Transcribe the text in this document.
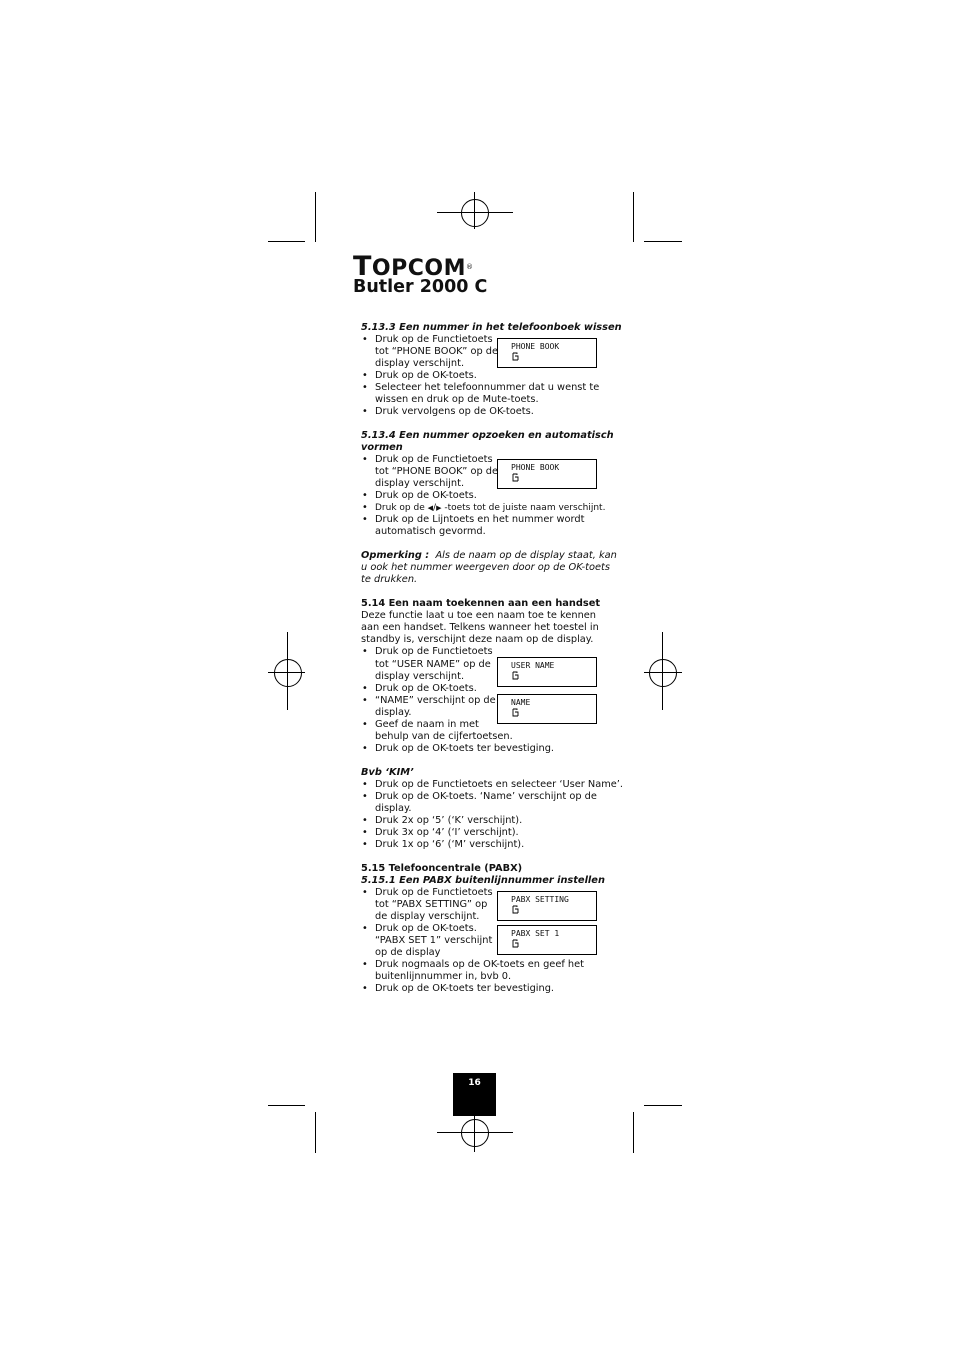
TOPCOM®
Butler 2000 C
5.13.3 Een nummer in het telefoonboek wissen
• Druk op de Functietoets
tot “PHONE BOOK” op de
display verschijnt.
• Druk op de OK-toets.
• Selecteer het telefoonnummer dat u wenst te
wissen en druk op de Mute-toets.
• Druk vervolgens op de OK-toets.
PHONE BOOK
5.13.4 Een nummer opzoeken en automatisch
vormen
• Druk op de Functietoets
tot “PHONE BOOK” op de
display verschijnt.
• Druk op de OK-toets.
• Druk op de ◀/▶ -toets tot de juiste naam verschijnt.
• Druk op de Lijntoets en het nummer wordt
automatisch gevormd.
PHONE BOOK
Opmerking : Als de naam op de display staat, kan
u ook het nummer weergeven door op de OK-toets
te drukken.
5.14 Een naam toekennen aan een handset
Deze functie laat u toe een naam toe te kennen
aan een handset. Telkens wanneer het toestel in
standby is, verschijnt deze naam op de display.
• Druk op de Functietoets
tot “USER NAME” op de
display verschijnt.
• Druk op de OK-toets.
• “NAME” verschijnt op de
display.
• Geef de naam in met
behulp van de cijfertoetsen.
• Druk op de OK-toets ter bevestiging.
USER NAME
NAME
Bvb ‘KIM’
• Druk op de Functietoets en selecteer ‘User Name’.
• Druk op de OK-toets. ‘Name’ verschijnt op de
display.
• Druk 2x op ‘5’ (‘K’ verschijnt).
• Druk 3x op ‘4’ (‘I’ verschijnt).
• Druk 1x op ‘6’ (‘M’ verschijnt).
5.15 Telefooncentrale (PABX)
5.15.1 Een PABX buitenlijnnummer instellen
• Druk op de Functietoets
tot “PABX SETTING” op
de display verschijnt.
• Druk op de OK-toets.
“PABX SET 1” verschijnt
op de display
• Druk nogmaals op de OK-toets en geef het
buitenlijnnummer in, bvb 0.
• Druk op de OK-toets ter bevestiging.
PABX SETTING
PABX SET 1
16
